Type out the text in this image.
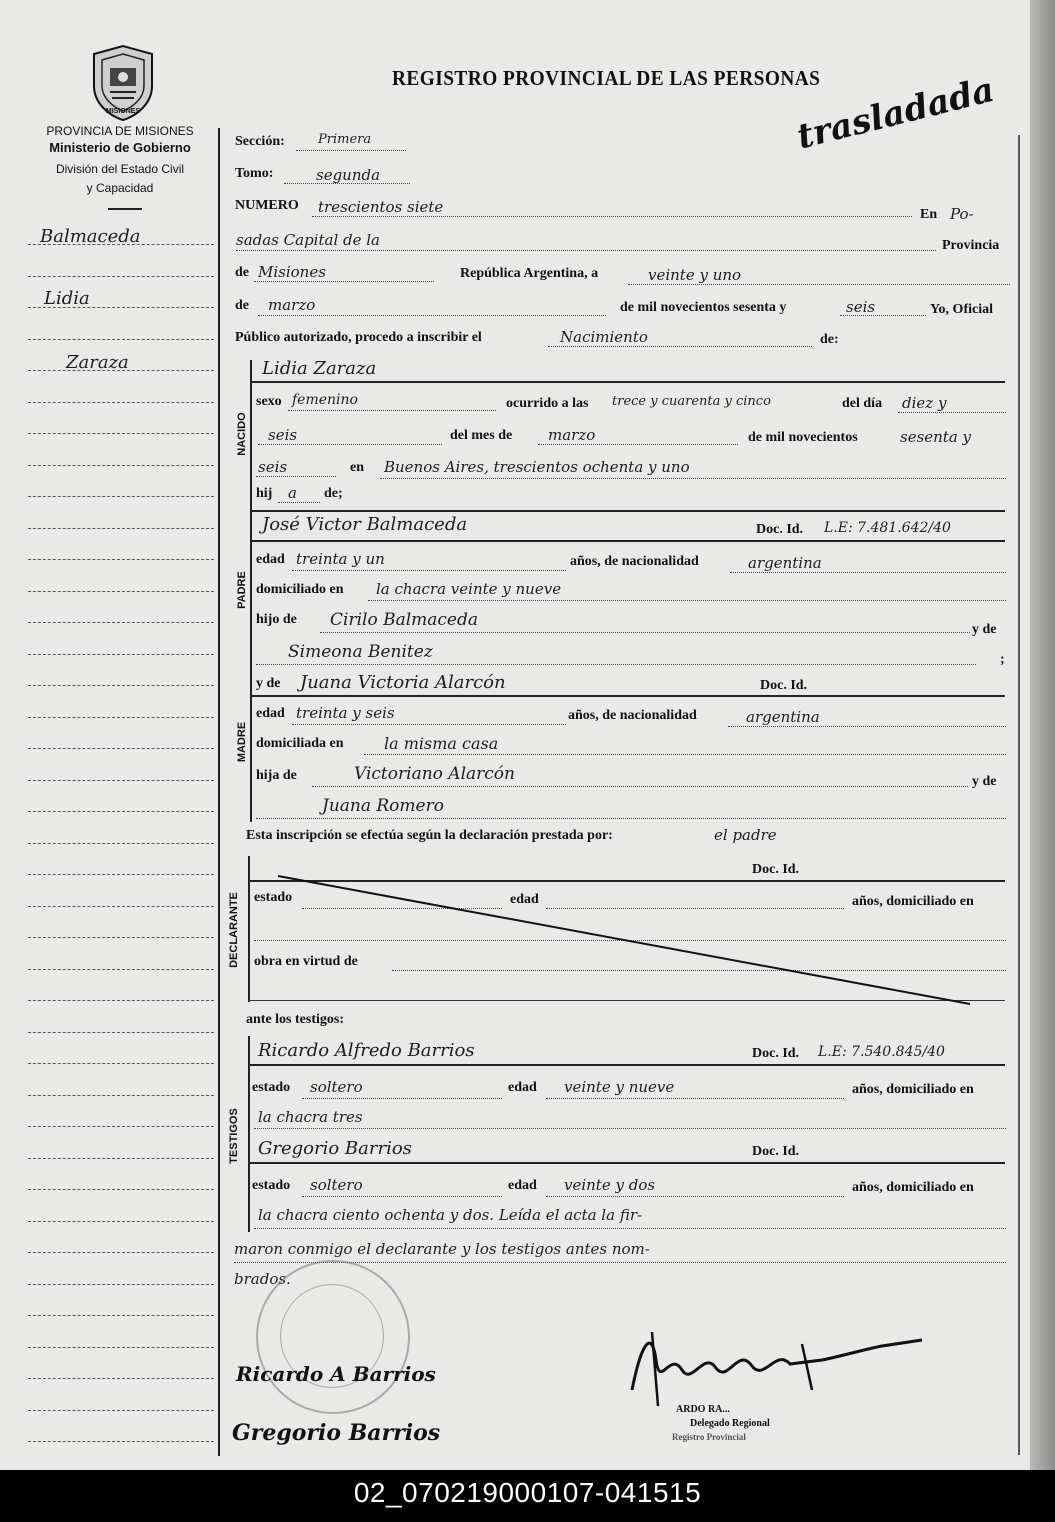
MISIONES
PROVINCIA DE MISIONES
Ministerio de Gobierno
División del Estado Civil
y Capacidad
REGISTRO PROVINCIAL DE LAS PERSONAS
trasladada
Balmaceda
Lidia
Zaraza
Sección:	Primera
Tomo:	segunda
NUMERO trescientos siete	En Po-
sadas Capital de la	Provincia
de Misiones	República Argentina, a	veinte y uno
de marzo	de mil novecientos sesenta y	seis	Yo, Oficial
Público autorizado, procedo a inscribir el	Nacimiento	de:
NACIDO
Lidia Zaraza
sexo femenino	ocurrido a las trece y cuarenta y cinco	del día diez y
seis	del mes de marzo	de mil novecientos	sesenta y
seis	en Buenos Aires, trescientos ochenta y uno
hij a de;
PADRE
José Victor Balmaceda	Doc. Id. L.E: 7.481.642/40
edad treinta y un	años, de nacionalidad	argentina
domiciliado en la chacra veinte y nueve
hijo de Cirilo Balmaceda	y de
Simeona Benitez	;
MADRE
y de Juana Victoria Alarcón	Doc. Id.
edad treinta y seis	años, de nacionalidad	argentina
domiciliada en	la misma casa
hija de	Victoriano Alarcón	y de
Juana Romero
Esta inscripción se efectúa según la declaración prestada por:	el padre
DECLARANTE
Doc. Id.
estado	edad	años, domiciliado en
obra en virtud de
ante los testigos:
TESTIGOS
Ricardo Alfredo Barrios	Doc. Id. L.E: 7.540.845/40
estado soltero	edad veinte y nueve	años, domiciliado en
la chacra tres
Gregorio Barrios	Doc. Id.
estado soltero	edad veinte y dos	años, domiciliado en
la chacra ciento ochenta y dos. Leída el acta la fir-
maron conmigo el declarante y los testigos antes nom-
brados.
Ricardo A Barrios
Gregorio Barrios
ARDO RA...
Delegado Regional
Registro Provincial
02_070219000107-041515
